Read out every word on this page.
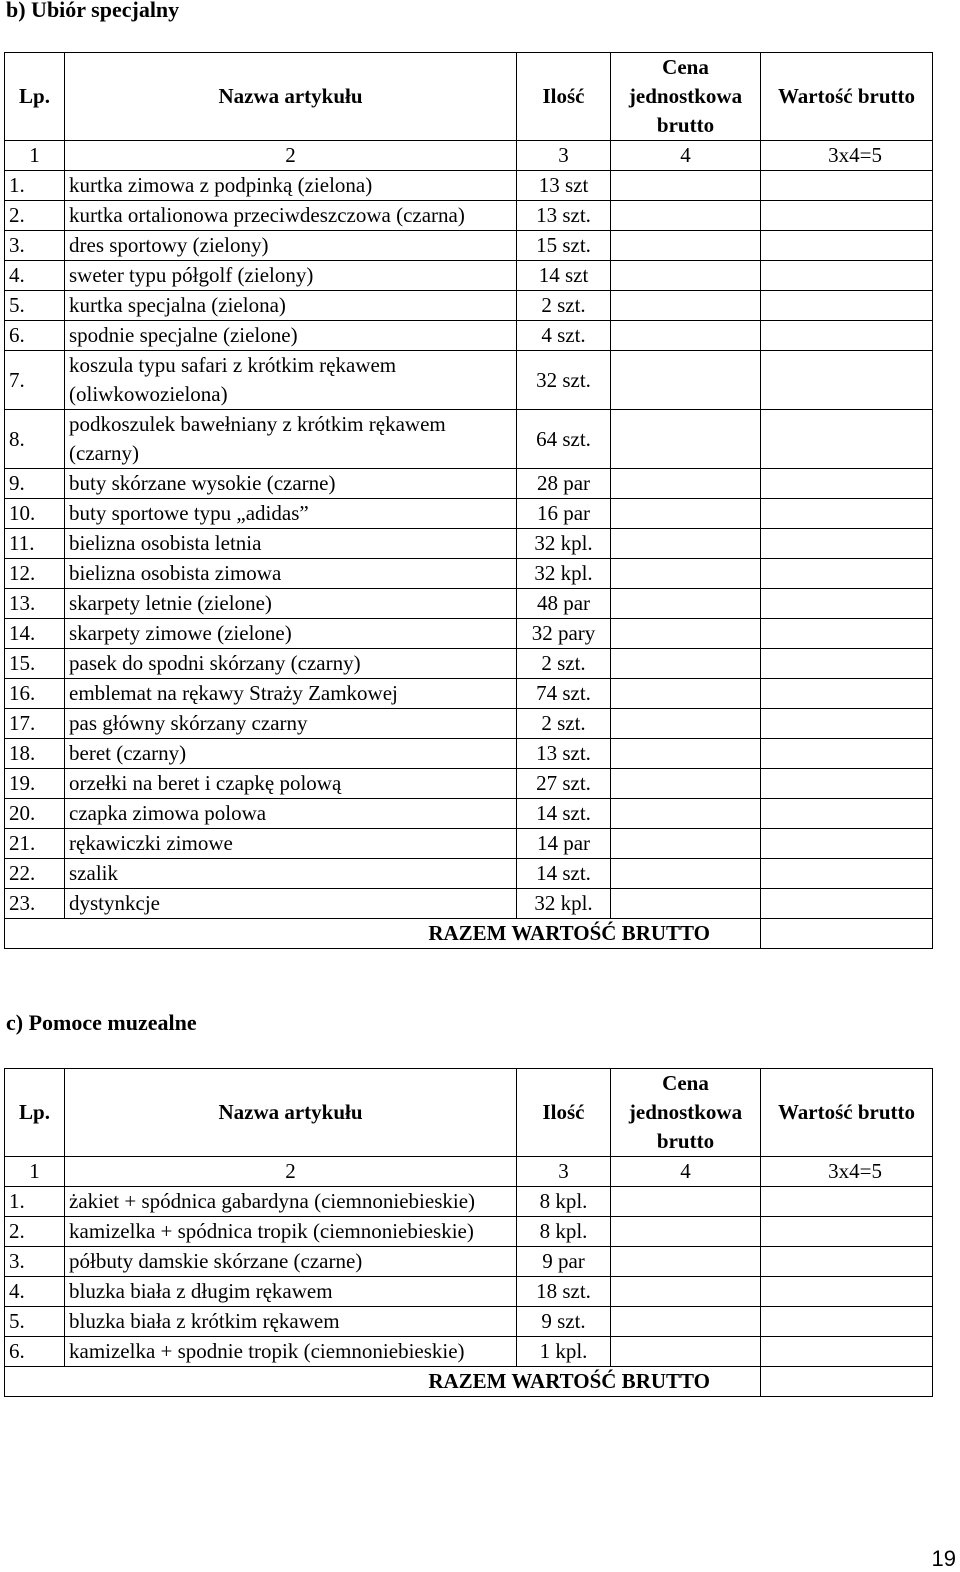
b) Ubiór specjalny
Lp.	Nazwa artykułu	Ilość	Cena jednostkowa brutto	Wartość brutto
1	2	3	4	3x4=5
1.	kurtka zimowa z podpinką (zielona)	13 szt		
2.	kurtka ortalionowa przeciwdeszczowa (czarna)	13 szt.		
3.	dres sportowy (zielony)	15 szt.		
4.	sweter typu półgolf (zielony)	14 szt		
5.	kurtka specjalna (zielona)	2 szt.		
6.	spodnie specjalne (zielone)	4 szt.		
7.	koszula typu safari z krótkim rękawem (oliwkowozielona)	32 szt.		
8.	podkoszulek bawełniany z krótkim rękawem (czarny)	64 szt.		
9.	buty skórzane wysokie (czarne)	28 par		
10.	buty sportowe typu „adidas”	16 par		
11.	bielizna osobista letnia	32 kpl.		
12.	bielizna osobista zimowa	32 kpl.		
13.	skarpety letnie (zielone)	48 par		
14.	skarpety zimowe (zielone)	32 pary		
15.	pasek do spodni skórzany (czarny)	2 szt.		
16.	emblemat na rękawy Straży Zamkowej	74 szt.		
17.	pas główny skórzany czarny	2 szt.		
18.	beret (czarny)	13 szt.		
19.	orzełki na beret i czapkę polową	27 szt.		
20.	czapka zimowa polowa	14 szt.		
21.	rękawiczki zimowe	14 par		
22.	szalik	14 szt.		
23.	dystynkcje	32 kpl.		
RAZEM WARTOŚĆ BRUTTO				
c) Pomoce muzealne
Lp.	Nazwa artykułu	Ilość	Cena jednostkowa brutto	Wartość brutto
1	2	3	4	3x4=5
1.	żakiet + spódnica gabardyna (ciemnoniebieskie)	8 kpl.		
2.	kamizelka + spódnica tropik (ciemnoniebieskie)	8 kpl.		
3.	półbuty damskie skórzane (czarne)	9 par		
4.	bluzka biała z długim rękawem	18 szt.		
5.	bluzka biała z krótkim rękawem	9 szt.		
6.	kamizelka + spodnie tropik (ciemnoniebieskie)	1 kpl.		
RAZEM WARTOŚĆ BRUTTO				

19
